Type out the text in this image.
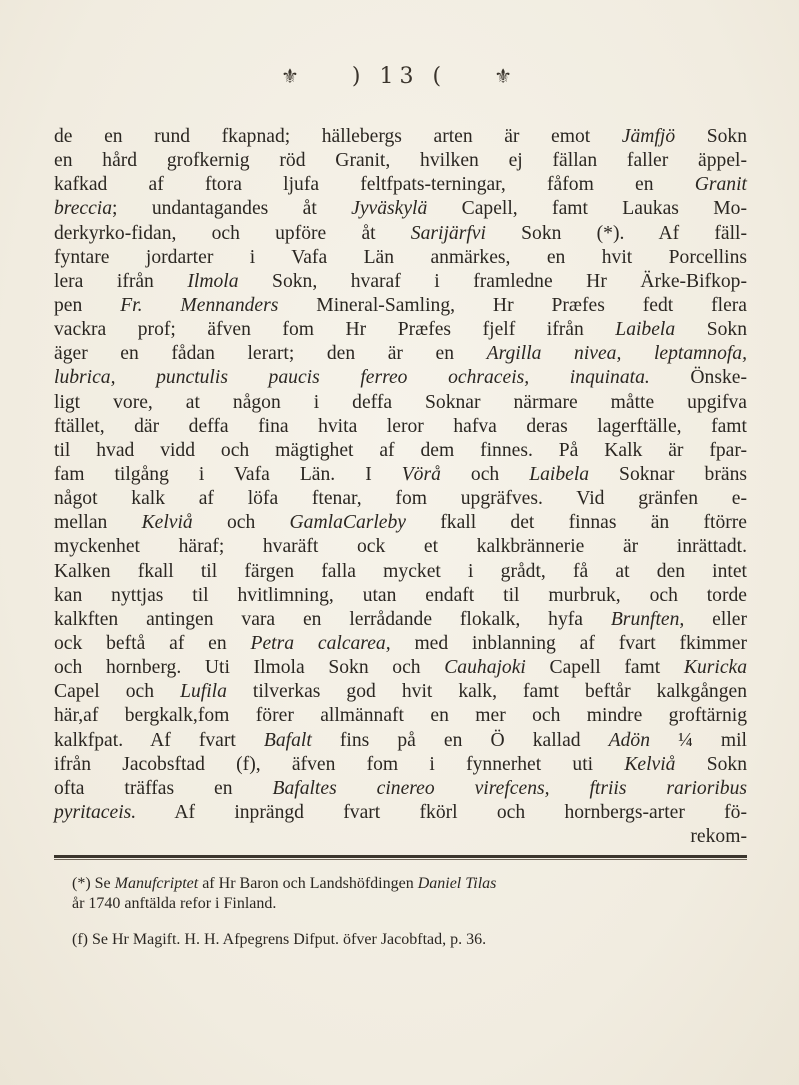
⚜ ) 13 ( ⚜
de en rund fkapnad; hällebergs arten är emot Jämfjö Sokn
en hård grofkernig röd Granit, hvilken ej fällan faller äppel-
kafkad af ftora ljufa feltfpats-terningar, fåfom en Granit
breccia; undantagandes åt Jyväskylä Capell, famt Laukas Mo-
derkyrko-fidan, och upföre åt Sarijärfvi Sokn (*). Af fäll-
fyntare jordarter i Vafa Län anmärkes, en hvit Porcellins
lera ifrån Ilmola Sokn, hvaraf i framledne Hr Ärke-Bifkop-
pen Fr. Mennanders Mineral-Samling, Hr Præfes fedt flera
vackra prof; äfven fom Hr Præfes fjelf ifrån Laibela Sokn
äger en fådan lerart; den är en Argilla nivea, leptamnofa,
lubrica, punctulis paucis ferreo ochraceis, inquinata. Önske-
ligt vore, at någon i deffa Soknar närmare måtte upgifva
ftället, där deffa fina hvita leror hafva deras lagerftälle, famt
til hvad vidd och mägtighet af dem finnes. På Kalk är fpar-
fam tilgång i Vafa Län. I Vörå och Laibela Soknar bräns
något kalk af löfa ftenar, fom upgräfves. Vid gränfen e-
mellan Kelviå och GamlaCarleby fkall det finnas än ftörre
myckenhet häraf; hvaräft ock et kalkbrännerie är inrättadt.
Kalken fkall til färgen falla mycket i grådt, få at den intet
kan nyttjas til hvitlimning, utan endaft til murbruk, och torde
kalkften antingen vara en lerrådande flokalk, hyfa Brunften, eller
ock beftå af en Petra calcarea, med inblanning af fvart fkimmer
och hornberg. Uti Ilmola Sokn och Cauhajoki Capell famt Kuricka
Capel och Lufila tilverkas god hvit kalk, famt beftår kalkgången
här,af bergkalk,fom förer allmännaft en mer och mindre groftärnig
kalkfpat. Af fvart Bafalt fins på en Ö kallad Adön ¼ mil
ifrån Jacobsftad (f), äfven fom i fynnerhet uti Kelviå Sokn
ofta träffas en Bafaltes cinereo virefcens, ftriis rarioribus
pyritaceis. Af inprängd fvart fkörl och hornbergs-arter fö-
rekom-
(*) Se Manufcriptet af Hr Baron och Landshöfdingen Daniel Tilas
år 1740 anftälda refor i Finland.
(f) Se Hr Magift. H. H. Afpegrens Difput. öfver Jacobftad, p. 36.
